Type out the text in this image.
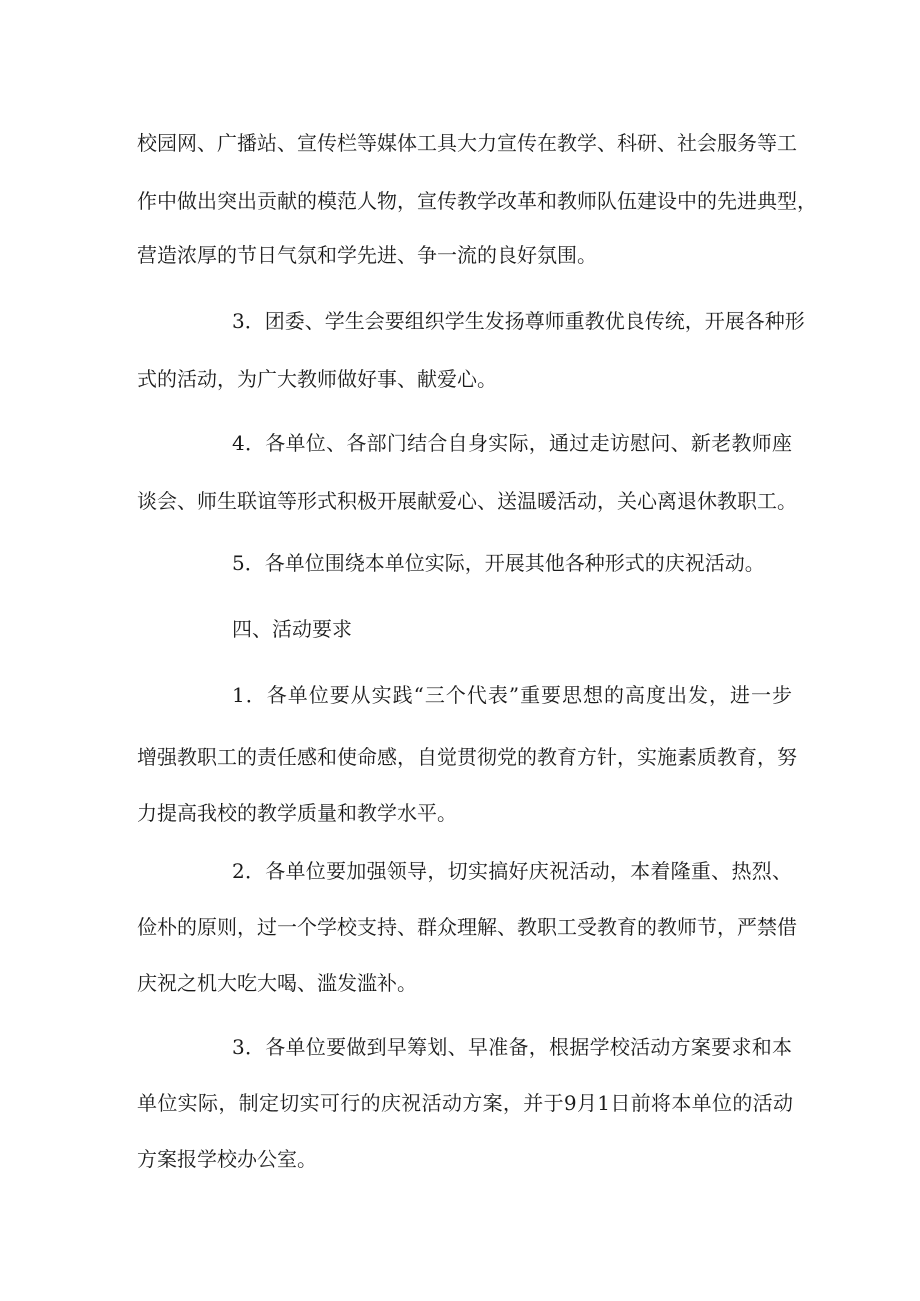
校园网、广播站、宣传栏等媒体工具大力宣传在教学、科研、社会服务等工
作中做出突出贡献的模范人物，宣传教学改革和教师队伍建设中的先进典型，
营造浓厚的节日气氛和学先进、争一流的良好氛围。
3．团委、学生会要组织学生发扬尊师重教优良传统，开展各种形
式的活动，为广大教师做好事、献爱心。
4．各单位、各部门结合自身实际，通过走访慰问、新老教师座
谈会、师生联谊等形式积极开展献爱心、送温暖活动，关心离退休教职工。
5．各单位围绕本单位实际，开展其他各种形式的庆祝活动。
四、活动要求
1．各单位要从实践“三个代表”重要思想的高度出发，进一步
增强教职工的责任感和使命感，自觉贯彻党的教育方针，实施素质教育，努
力提高我校的教学质量和教学水平。
2．各单位要加强领导，切实搞好庆祝活动，本着隆重、热烈、
俭朴的原则，过一个学校支持、群众理解、教职工受教育的教师节，严禁借
庆祝之机大吃大喝、滥发滥补。
3．各单位要做到早筹划、早准备，根据学校活动方案要求和本
单位实际，制定切实可行的庆祝活动方案，并于9月1日前将本单位的活动
方案报学校办公室。
